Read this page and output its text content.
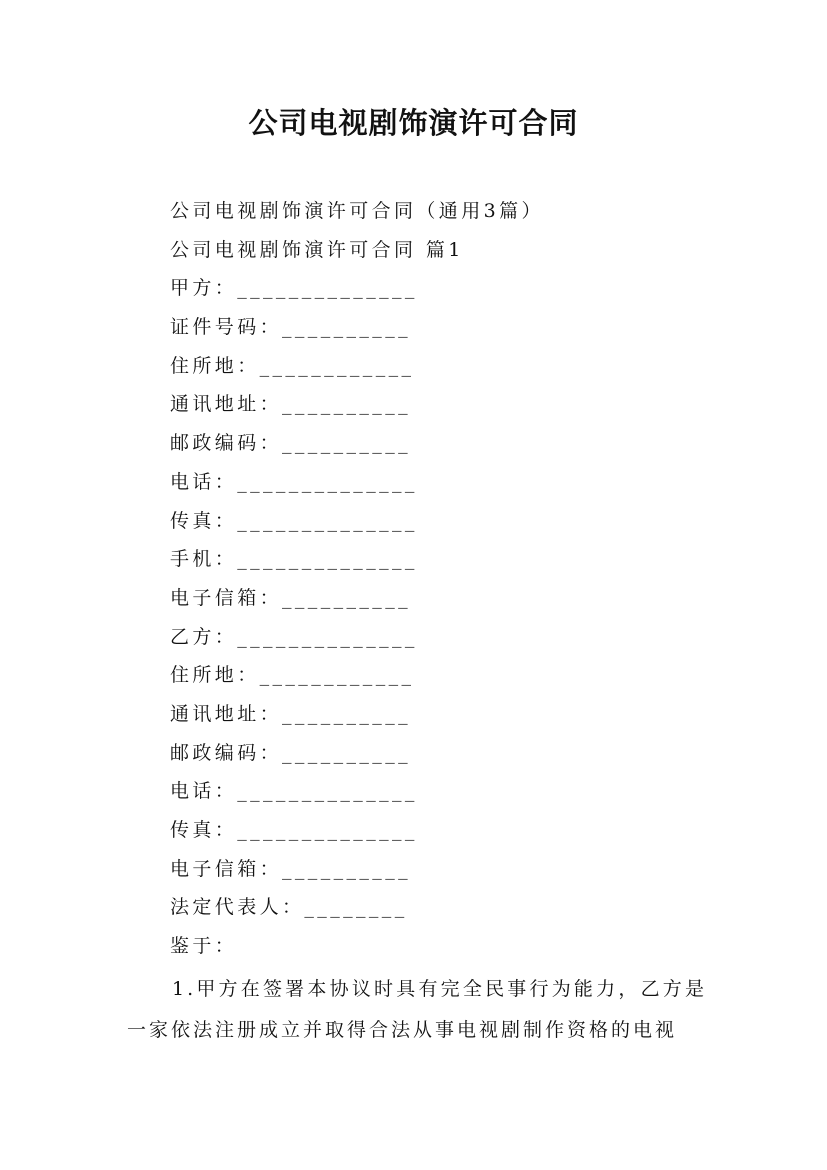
公司电视剧饰演许可合同
公司电视剧饰演许可合同（通用3篇）
公司电视剧饰演许可合同 篇1
甲方：______________
证件号码：__________
住所地：____________
通讯地址：__________
邮政编码：__________
电话：______________
传真：______________
手机：______________
电子信箱：__________
乙方：______________
住所地：____________
通讯地址：__________
邮政编码：__________
电话：______________
传真：______________
电子信箱：__________
法定代表人：________
鉴于：
1.甲方在签署本协议时具有完全民事行为能力，乙方是一家依法注册成立并取得合法从事电视剧制作资格的电视
